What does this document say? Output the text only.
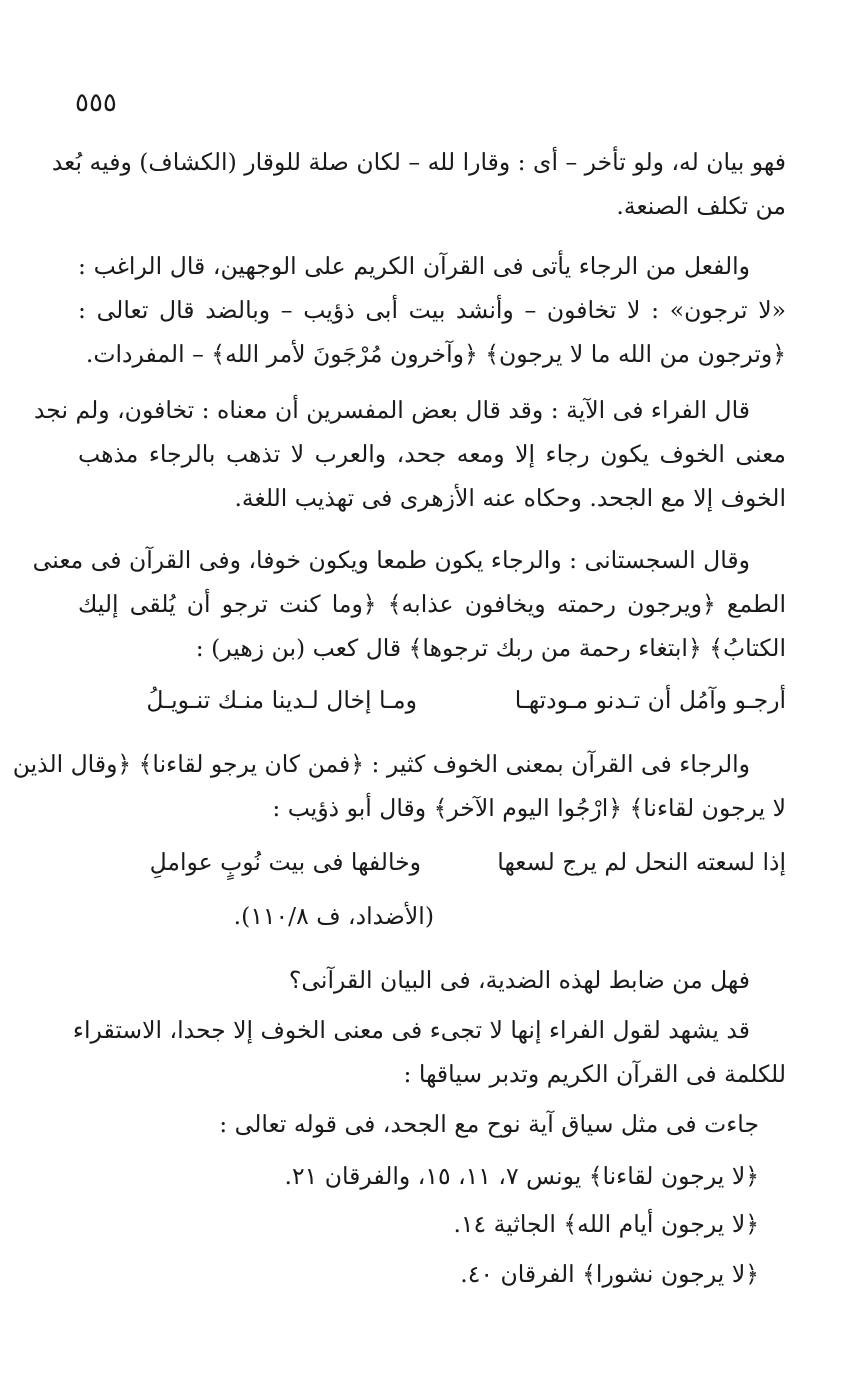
٥٥٥
فهو بيان له، ولو تأخر – أى : وقارا لله – لكان صلة للوقار (الكشاف) وفيه بُعد
من تكلف الصنعة.
والفعل من الرجاء يأتى فى القرآن الكريم على الوجهين، قال الراغب :
«لا ترجون» : لا تخافون – وأنشد بيت أبى ذؤيب – وبالضد قال تعالى :
﴿وترجون من الله ما لا يرجون﴾ ﴿وآخرون مُرْجَونَ لأمر الله﴾ – المفردات.
قال الفراء فى الآية : وقد قال بعض المفسرين أن معناه : تخافون، ولم نجد
معنى الخوف يكون رجاء إلا ومعه جحد، والعرب لا تذهب بالرجاء مذهب
الخوف إلا مع الجحد. وحكاه عنه الأزهرى فى تهذيب اللغة.
وقال السجستانى : والرجاء يكون طمعا ويكون خوفا، وفى القرآن فى معنى
الطمع ﴿ويرجون رحمته ويخافون عذابه﴾ ﴿وما كنت ترجو أن يُلقى إليك
الكتابُ﴾ ﴿ابتغاء رحمة من ربك ترجوها﴾ قال كعب (بن زهير) :
أرجـو وآمُل أن تـدنو مـودتهـا
ومـا إخال لـدينا منـك تنـويـلُ
والرجاء فى القرآن بمعنى الخوف كثير : ﴿فمن كان يرجو لقاءنا﴾ ﴿وقال الذين
لا يرجون لقاءنا﴾ ﴿ارْجُوا اليوم الآخر﴾ وقال أبو ذؤيب :
إذا لسعته النحل لم يرج لسعها
وخالفها فى بيت نُوبٍ عواملِ
(الأضداد، ف ١١٠/٨).
فهل من ضابط لهذه الضدية، فى البيان القرآنى؟
قد يشهد لقول الفراء إنها لا تجىء فى معنى الخوف إلا جحدا، الاستقراء
للكلمة فى القرآن الكريم وتدبر سياقها :
جاءت فى مثل سياق آية نوح مع الجحد، فى قوله تعالى :
﴿لا يرجون لقاءنا﴾ يونس ٧، ١١، ١٥، والفرقان ٢١.
﴿لا يرجون أيام الله﴾ الجاثية ١٤.
﴿لا يرجون نشورا﴾ الفرقان ٤٠.
